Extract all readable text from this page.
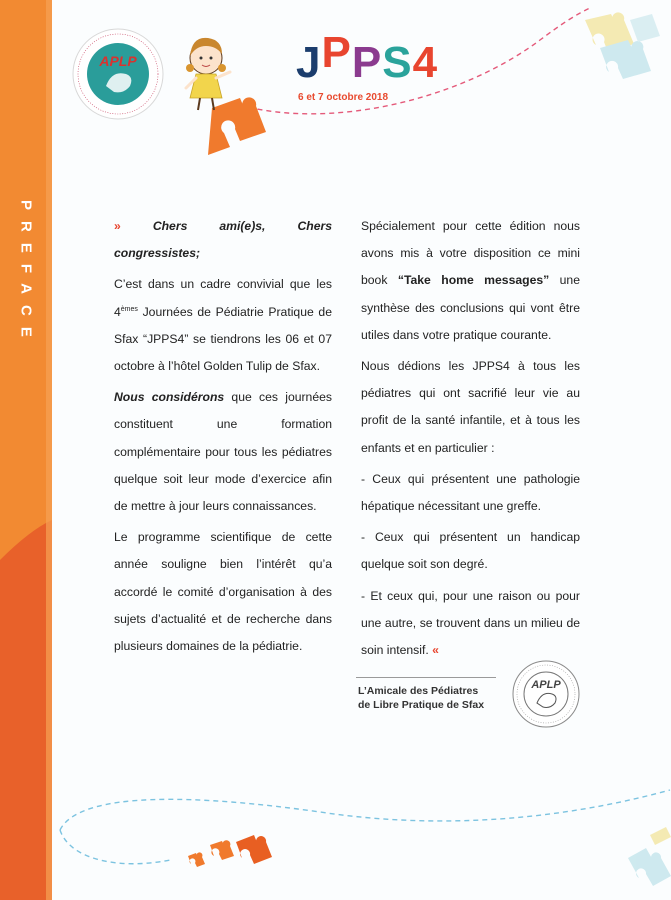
PREFACE
APLP	JPPS4
6 et 7 octobre 2018

»	Chers ami(e)s, Chers congressistes;

C’est dans un cadre convivial que les 4èmes Journées de Pédiatrie Pratique de Sfax “JPPS4” se tiendrons les 06 et 07 octobre à l’hôtel Golden Tulip de Sfax.

Nous considérons que ces journées constituent une formation complémentaire pour tous les pédiatres quelque soit leur mode d’exercice afin de mettre à jour leurs connaissances.

Le programme scientifique de cette année souligne bien l’intérêt qu’a accordé le comité d’organisation à des sujets d’actualité et de recherche dans plusieurs domaines de la pédiatrie.

Spécialement pour cette édition nous avons mis à votre disposition ce mini book “Take home messages” une synthèse des conclusions qui vont être utiles dans votre pratique courante.

Nous dédions les JPPS4 à tous les pédiatres qui ont sacrifié leur vie au profit de la santé infantile, et à tous les enfants et en particulier :

- Ceux qui présentent une pathologie hépatique nécessitant une greffe.

- Ceux qui présentent un handicap quelque soit son degré.

- Et ceux qui, pour une raison ou pour une autre, se trouvent dans un milieu de soin intensif. «

L’Amicale des Pédiatres
de Libre Pratique de Sfax
APLP
